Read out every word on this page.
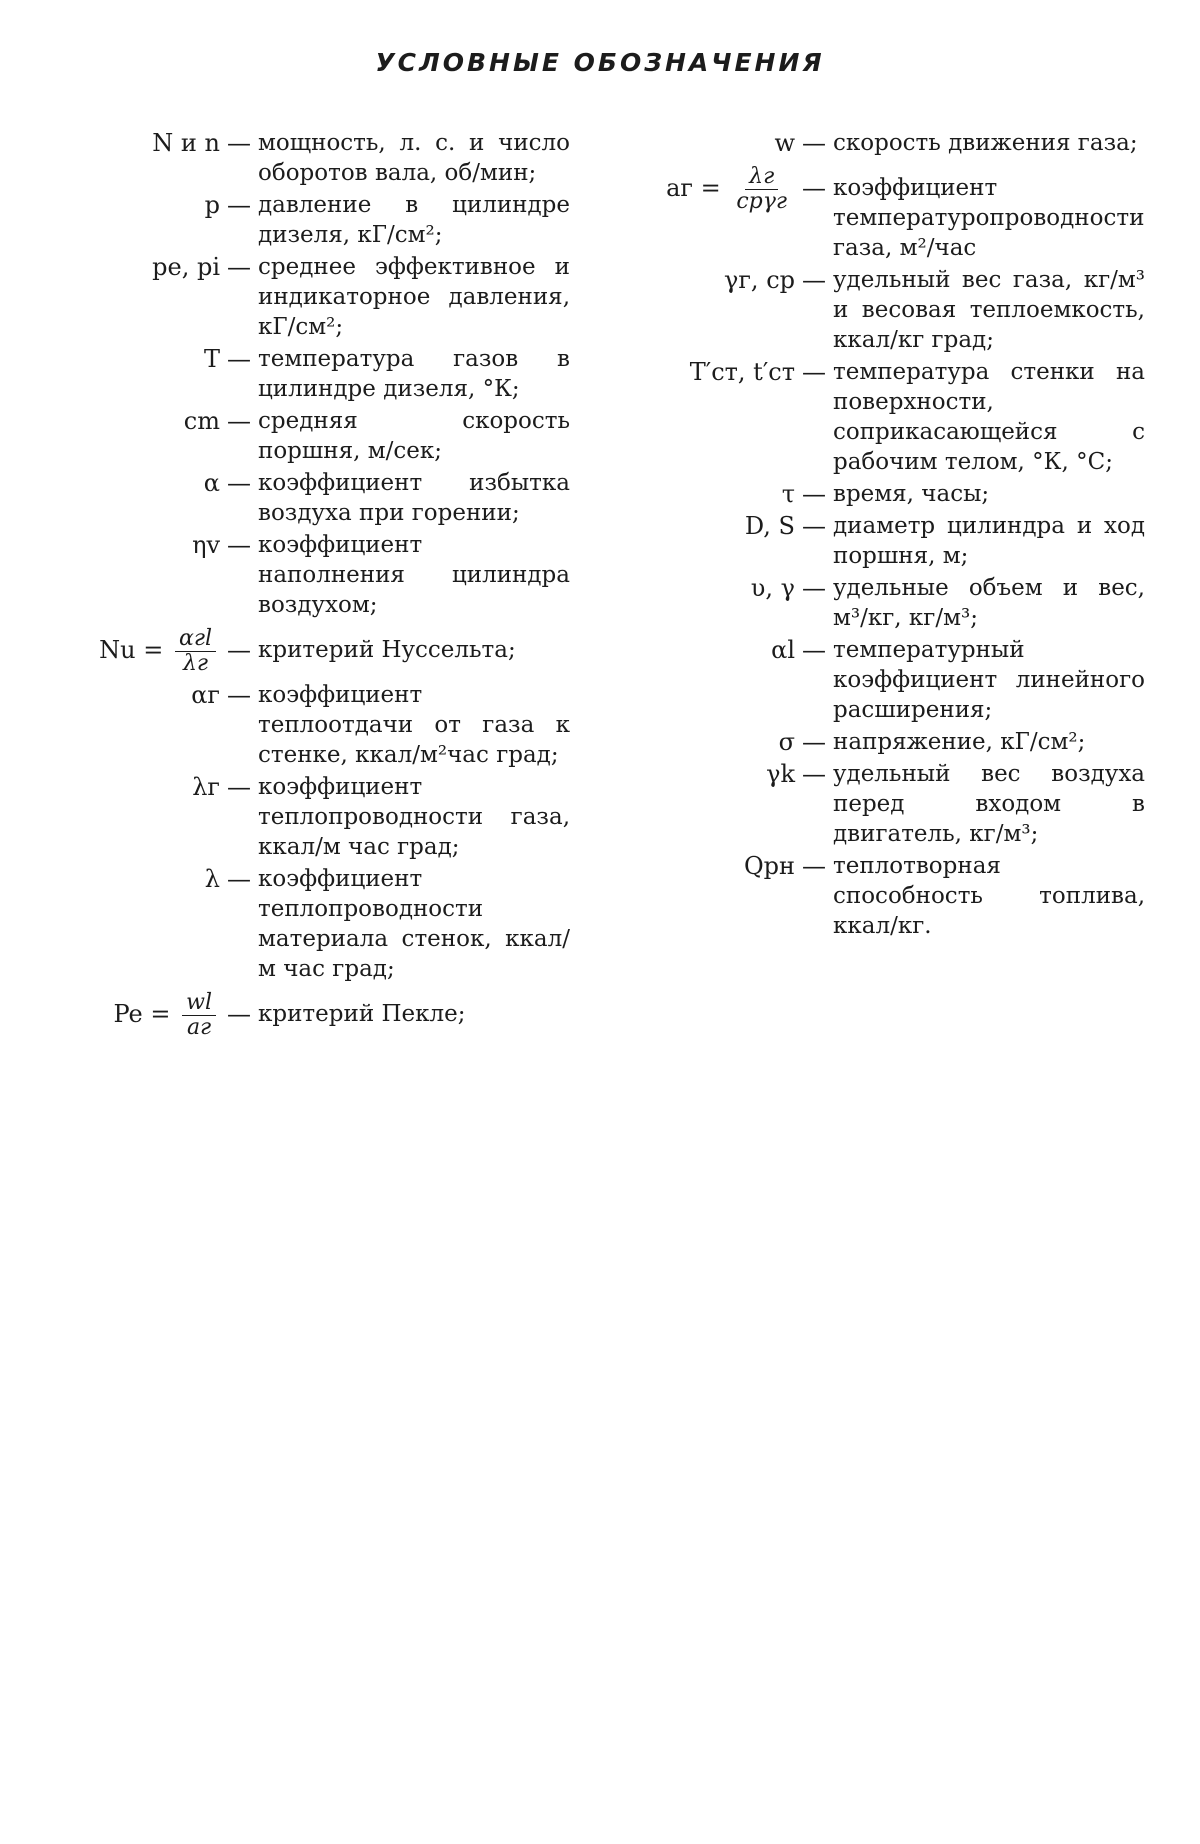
УСЛОВНЫЕ ОБОЗНАЧЕНИЯ
N и n — мощность, л. с. и число оборотов вала, об/мин;
p — давление в цилиндре дизеля, кГ/см²;
pe, pi — среднее эффективное и индикаторное давления, кГ/см²;
T — температура газов в цилиндре дизеля, °К;
cm — средняя скорость поршня, м/сек;
α — коэффициент избытка воздуха при горении;
ηv — коэффициент наполнения цилиндра воздухом;
$Nu = \frac{\text{αгl}}{\lambda г}$ — критерий Нуссельта;
αг — коэффициент теплоотдачи от газа к стенке, ккал/м²час град;
λг — коэффициент теплопроводности газа, ккал/м час град;
λ — коэффициент теплопроводности материала стенок, ккал/м час град;
$Pe = \frac{wl}{aг}$ — критерий Пекле;
w — скорость движения газа;
aг = $\frac{\lambda г}{\text{cpγг}}$ — коэффициент температуропроводности газа, м²/час
γг, cp — удельный вес газа, кг/м³ и весовая теплоемкость, ккал/кг град;
T′ст, t′ст — температура стенки на поверхности, соприкасающейся с рабочим телом, °К, °С;
τ — время, часы;
D, S — диаметр цилиндра и ход поршня, м;
υ, γ — удельные объем и вес, м³/кг, кг/м³;
αl — температурный коэффициент линейного расширения;
σ — напряжение, кГ/см²;
γk — удельный вес воздуха перед входом в двигатель, кг/м³;
Qрн — теплотворная способность топлива, ккал/кг.
